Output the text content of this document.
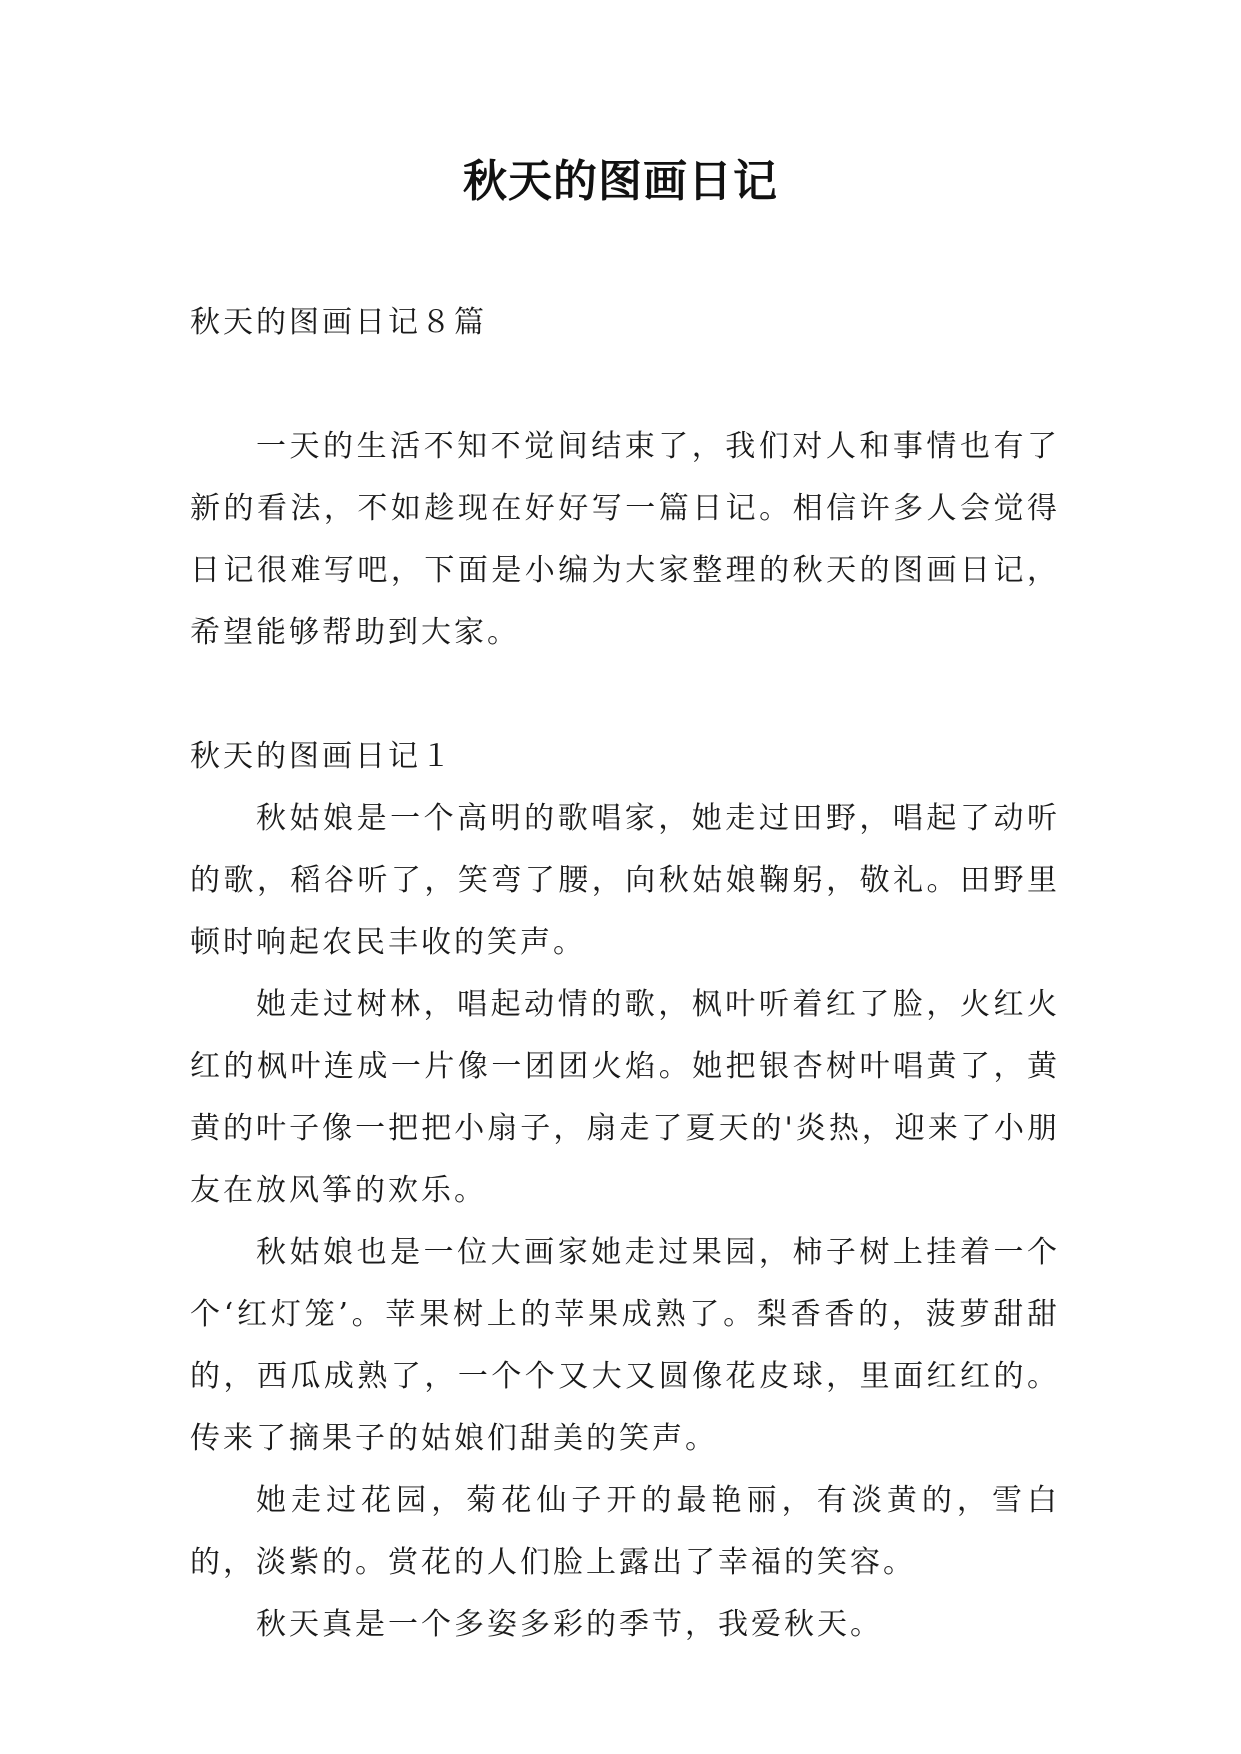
秋天的图画日记

秋天的图画日记８篇

一天的生活不知不觉间结束了，我们对人和事情也有了新的看法，不如趁现在好好写一篇日记。相信许多人会觉得日记很难写吧，下面是小编为大家整理的秋天的图画日记，希望能够帮助到大家。

秋天的图画日记１

秋姑娘是一个高明的歌唱家，她走过田野，唱起了动听的歌，稻谷听了，笑弯了腰，向秋姑娘鞠躬，敬礼。田野里顿时响起农民丰收的笑声。

她走过树林，唱起动情的歌，枫叶听着红了脸，火红火红的枫叶连成一片像一团团火焰。她把银杏树叶唱黄了，黄黄的叶子像一把把小扇子，扇走了夏天的'炎热，迎来了小朋友在放风筝的欢乐。

秋姑娘也是一位大画家她走过果园，柿子树上挂着一个个‘红灯笼’。苹果树上的苹果成熟了。梨香香的，菠萝甜甜的，西瓜成熟了，一个个又大又圆像花皮球，里面红红的。传来了摘果子的姑娘们甜美的笑声。

她走过花园，菊花仙子开的最艳丽，有淡黄的，雪白的，淡紫的。赏花的人们脸上露出了幸福的笑容。

秋天真是一个多姿多彩的季节，我爱秋天。
